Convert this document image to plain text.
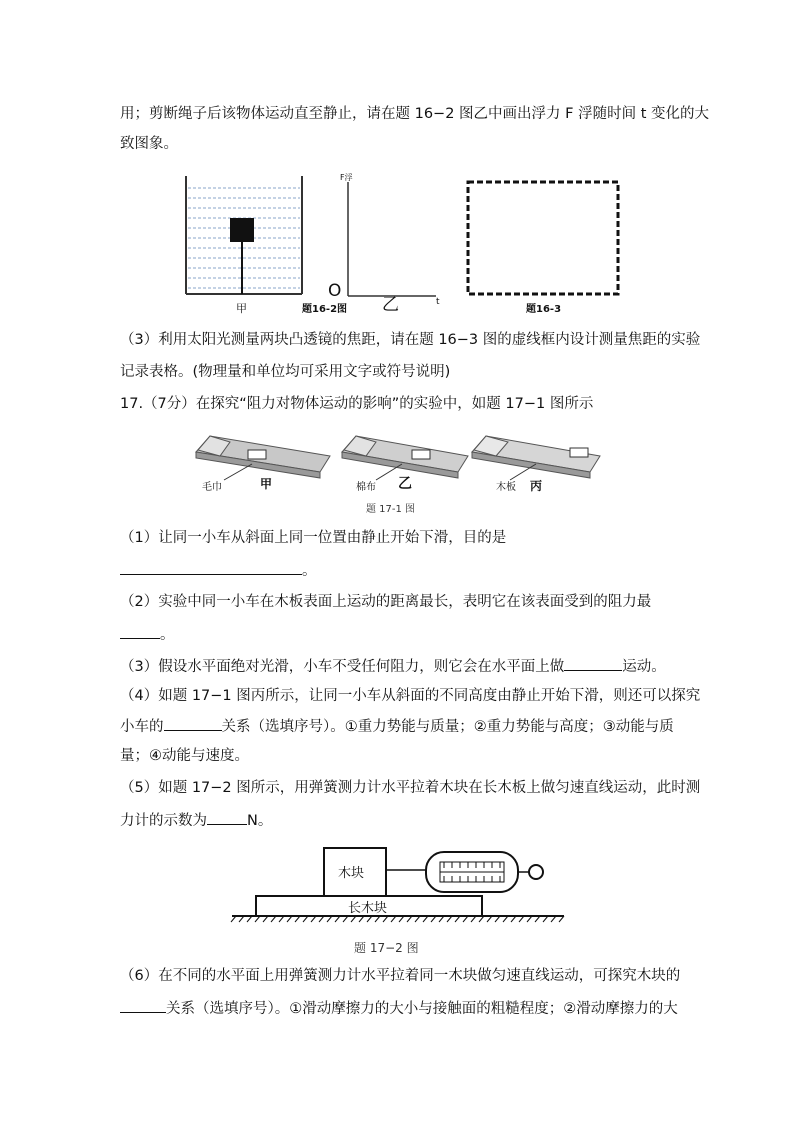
用；剪断绳子后该物体运动直至静止，请在题 16−2 图乙中画出浮力 F 浮随时间 t 变化的大
致图象。
甲	题16-2图
F浮
O
乙	t
题16-3
（3）利用太阳光测量两块凸透镜的焦距，请在题 16−3 图的虚线框内设计测量焦距的实验
记录表格。(物理量和单位均可采用文字或符号说明)
17.（7分）在探究“阻力对物体运动的影响”的实验中，如题 17−1 图所示
毛巾	甲	棉布 乙	木板 丙
题 17-1 图
（1）让同一小车从斜面上同一位置由静止开始下滑，目的是
。
（2）实验中同一小车在木板表面上运动的距离最长，表明它在该表面受到的阻力最
。
（3）假设水平面绝对光滑，小车不受任何阻力，则它会在水平面上做	运动。
（4）如题 17−1 图丙所示，让同一小车从斜面的不同高度由静止开始下滑，则还可以探究
小车的	关系（选填序号）。①重力势能与质量；②重力势能与高度；③动能与质
量；④动能与速度。
（5）如题 17−2 图所示，用弹簧测力计水平拉着木块在长木板上做匀速直线运动，此时测
力计的示数为	N。
长木块
木块
题 17−2 图
（6）在不同的水平面上用弹簧测力计水平拉着同一木块做匀速直线运动，可探究木块的
关系（选填序号）。①滑动摩擦力的大小与接触面的粗糙程度；②滑动摩擦力的大
